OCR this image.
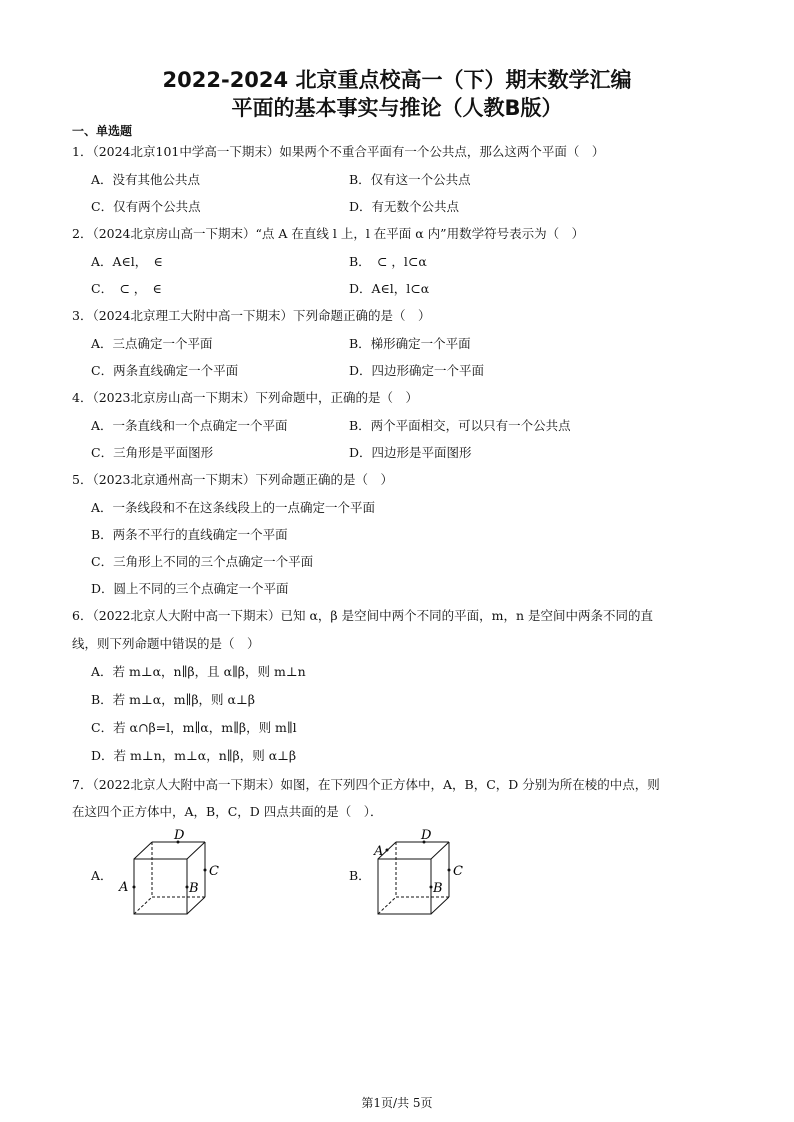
2022-2024 北京重点校高一（下）期末数学汇编
平面的基本事实与推论（人教B版）
一、单选题
1．（2024北京101中学高一下期末）如果两个不重合平面有一个公共点，那么这两个平面（　）
A．没有其他公共点	B．仅有这一个公共点
C．仅有两个公共点	D．有无数个公共点
2．（2024北京房山高一下期末）“点 A 在直线 l 上，l 在平面 α 内”用数学符号表示为（　）
A．A∈l，　∈	B．　⊂ ，l⊂α
C．　⊂ ，　∈	D．A∈l，l⊂α
3．（2024北京理工大附中高一下期末）下列命题正确的是（　）
A．三点确定一个平面	B．梯形确定一个平面
C．两条直线确定一个平面	D．四边形确定一个平面
4．（2023北京房山高一下期末）下列命题中，正确的是（　）
A．一条直线和一个点确定一个平面	B．两个平面相交，可以只有一个公共点
C．三角形是平面图形	D．四边形是平面图形
5．（2023北京通州高一下期末）下列命题正确的是（　）
A．一条线段和不在这条线段上的一点确定一个平面
B．两条不平行的直线确定一个平面
C．三角形上不同的三个点确定一个平面
D．圆上不同的三个点确定一个平面
6．（2022北京人大附中高一下期末）已知 α，β 是空间中两个不同的平面，m，n 是空间中两条不同的直
线，则下列命题中错误的是（　）
A．若 m⊥α，n∥β，且 α∥β，则 m⊥n
B．若 m⊥α，m∥β，则 α⊥β
C．若 α∩β=l，m∥α，m∥β，则 m∥l
D．若 m⊥n，m⊥α，n∥β，则 α⊥β
7．（2022北京人大附中高一下期末）如图，在下列四个正方体中，A，B，C，D 分别为所在棱的中点，则
在这四个正方体中，A，B，C，D 四点共面的是（　）．
A．	B．
D
A	B
C
D
A
B
C
第1页/共 5页
